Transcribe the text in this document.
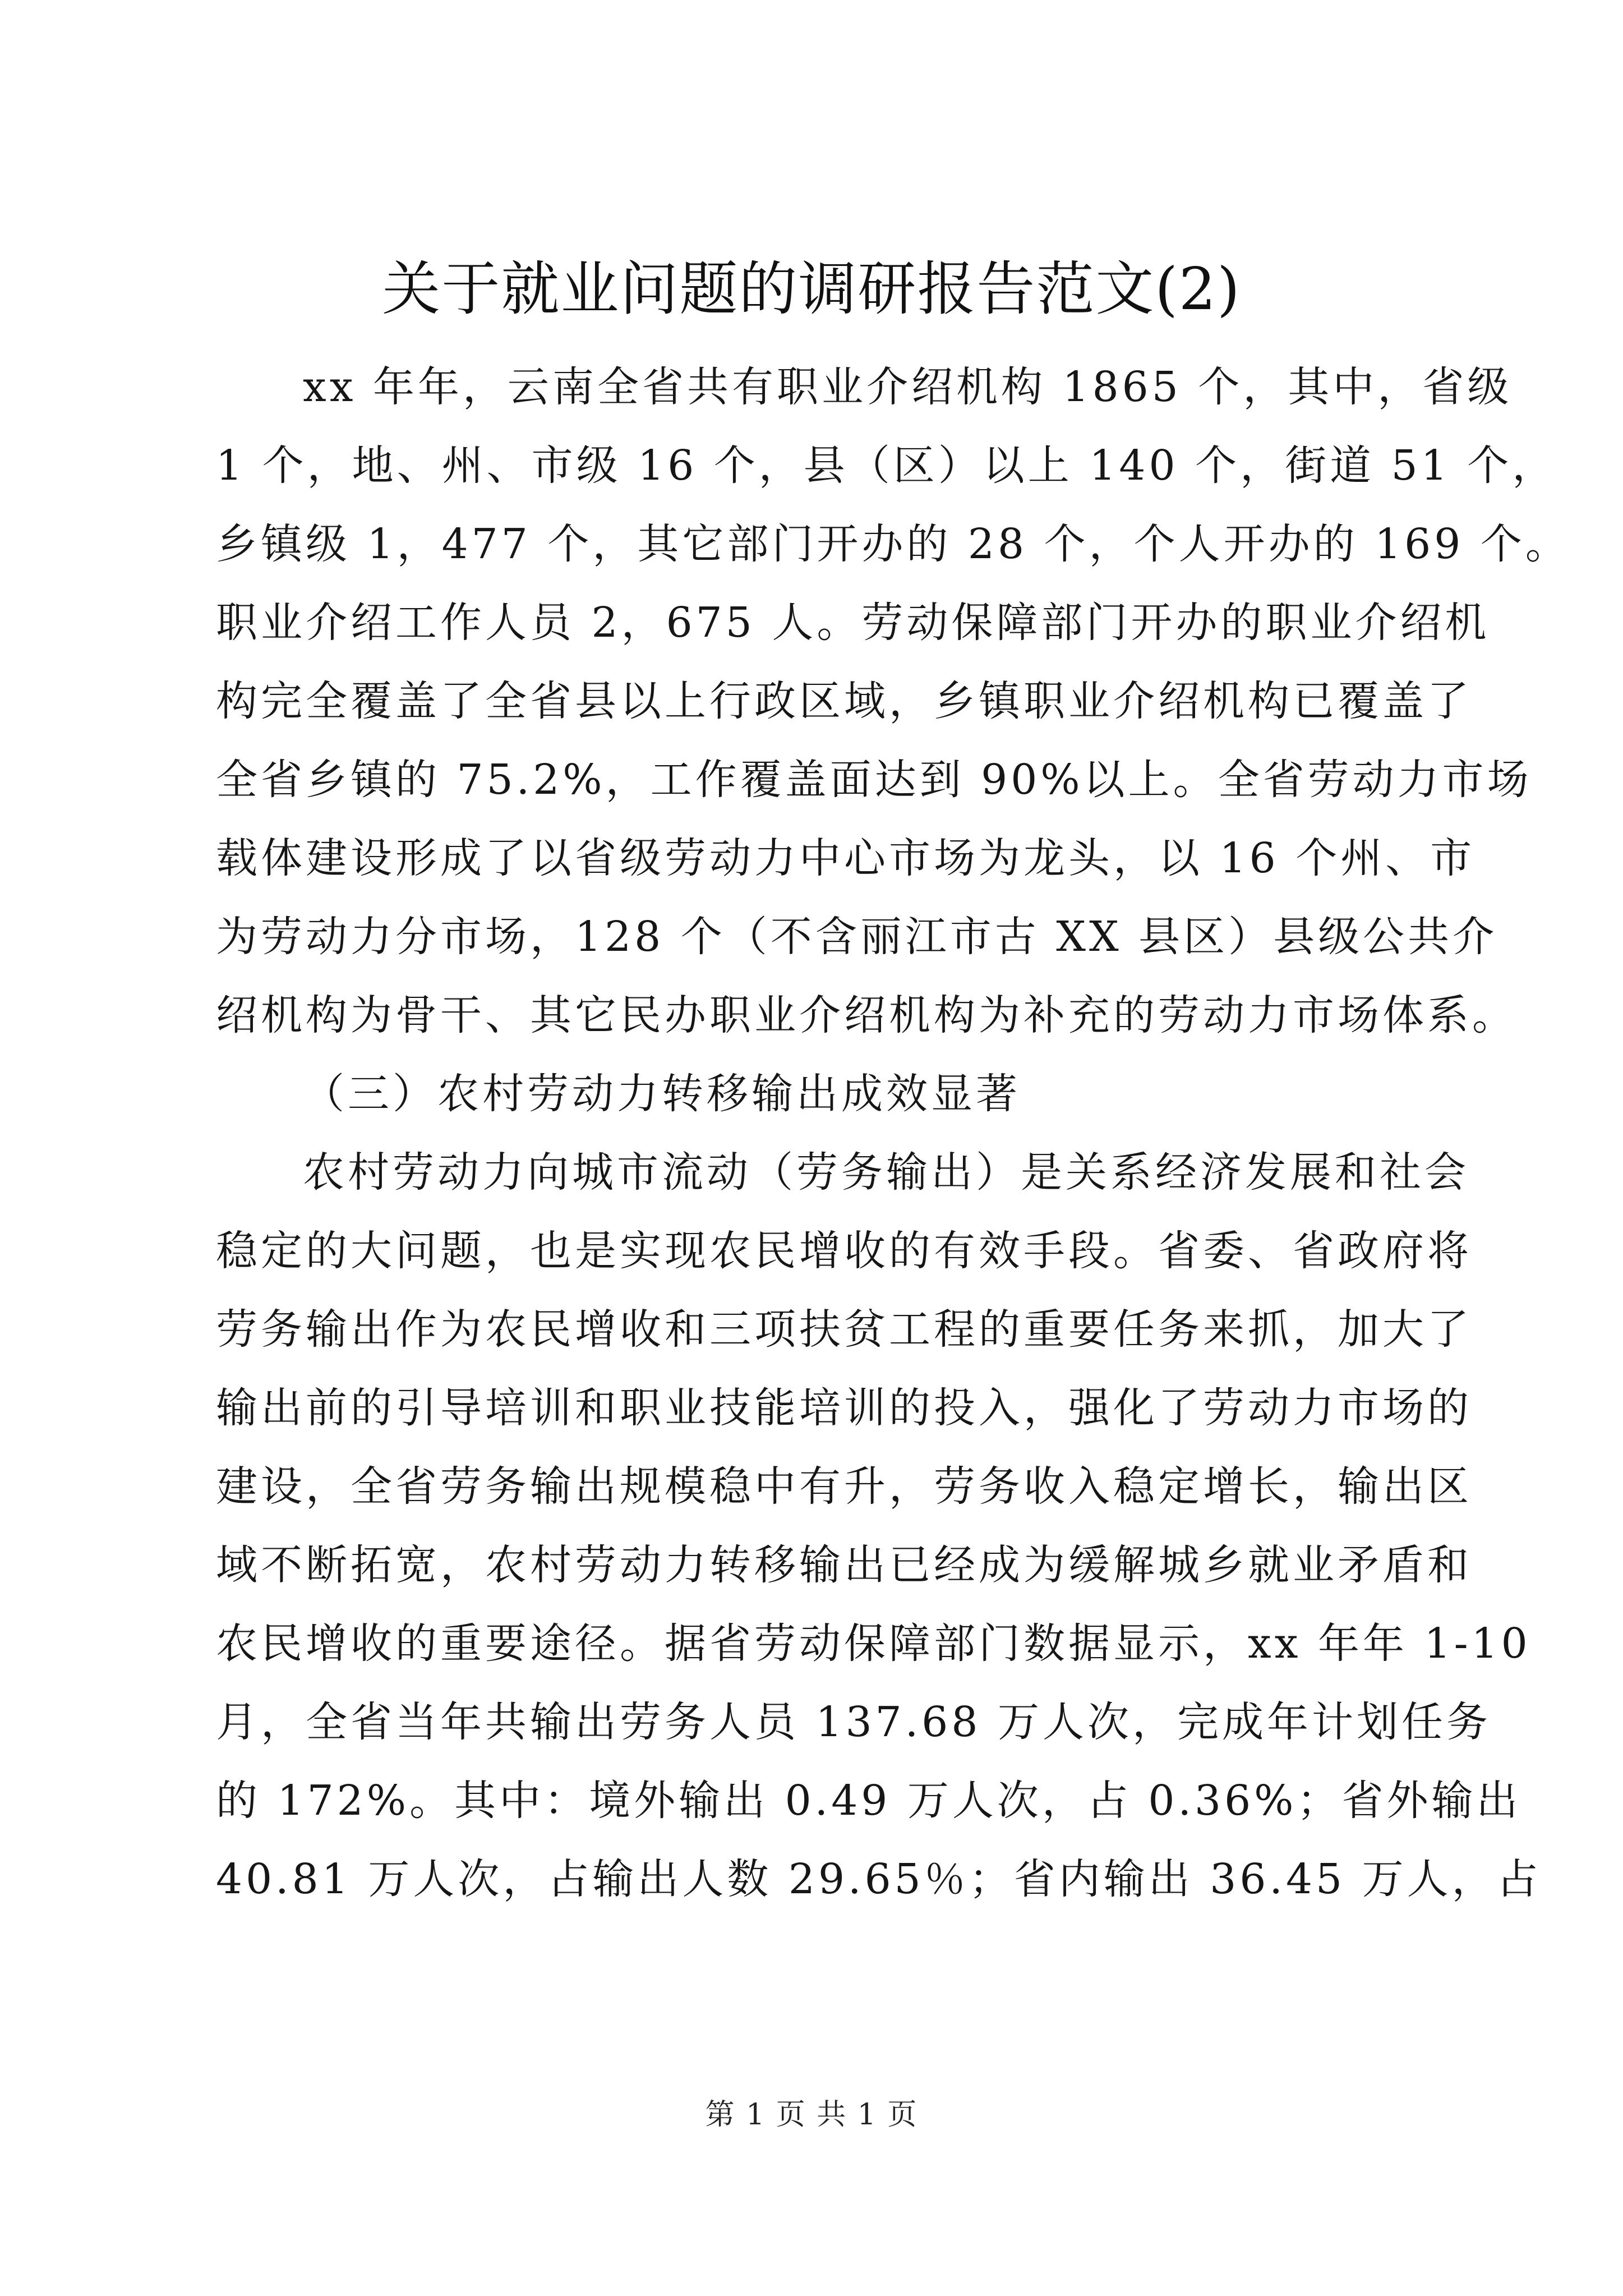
关于就业问题的调研报告范文(2)
xx 年年，云南全省共有职业介绍机构 1865 个，其中，省级
1 个，地、州、市级 16 个，县（区）以上 140 个，街道 51 个，
乡镇级 1，477 个，其它部门开办的 28 个，个人开办的 169 个。
职业介绍工作人员 2，675 人。劳动保障部门开办的职业介绍机
构完全覆盖了全省县以上行政区域，乡镇职业介绍机构已覆盖了
全省乡镇的 75.2%，工作覆盖面达到 90%以上。全省劳动力市场
载体建设形成了以省级劳动力中心市场为龙头，以 16 个州、市
为劳动力分市场，128 个（不含丽江市古 XX 县区）县级公共介
绍机构为骨干、其它民办职业介绍机构为补充的劳动力市场体系。
（三）农村劳动力转移输出成效显著
农村劳动力向城市流动（劳务输出）是关系经济发展和社会
稳定的大问题，也是实现农民增收的有效手段。省委、省政府将
劳务输出作为农民增收和三项扶贫工程的重要任务来抓，加大了
输出前的引导培训和职业技能培训的投入，强化了劳动力市场的
建设，全省劳务输出规模稳中有升，劳务收入稳定增长，输出区
域不断拓宽，农村劳动力转移输出已经成为缓解城乡就业矛盾和
农民增收的重要途径。据省劳动保障部门数据显示，xx 年年 1-10
月，全省当年共输出劳务人员 137.68 万人次，完成年计划任务
的 172%。其中：境外输出 0.49 万人次，占 0.36%；省外输出
40.81 万人次，占输出人数 29.65％；省内输出 36.45 万人，占
第 1 页 共 1 页
